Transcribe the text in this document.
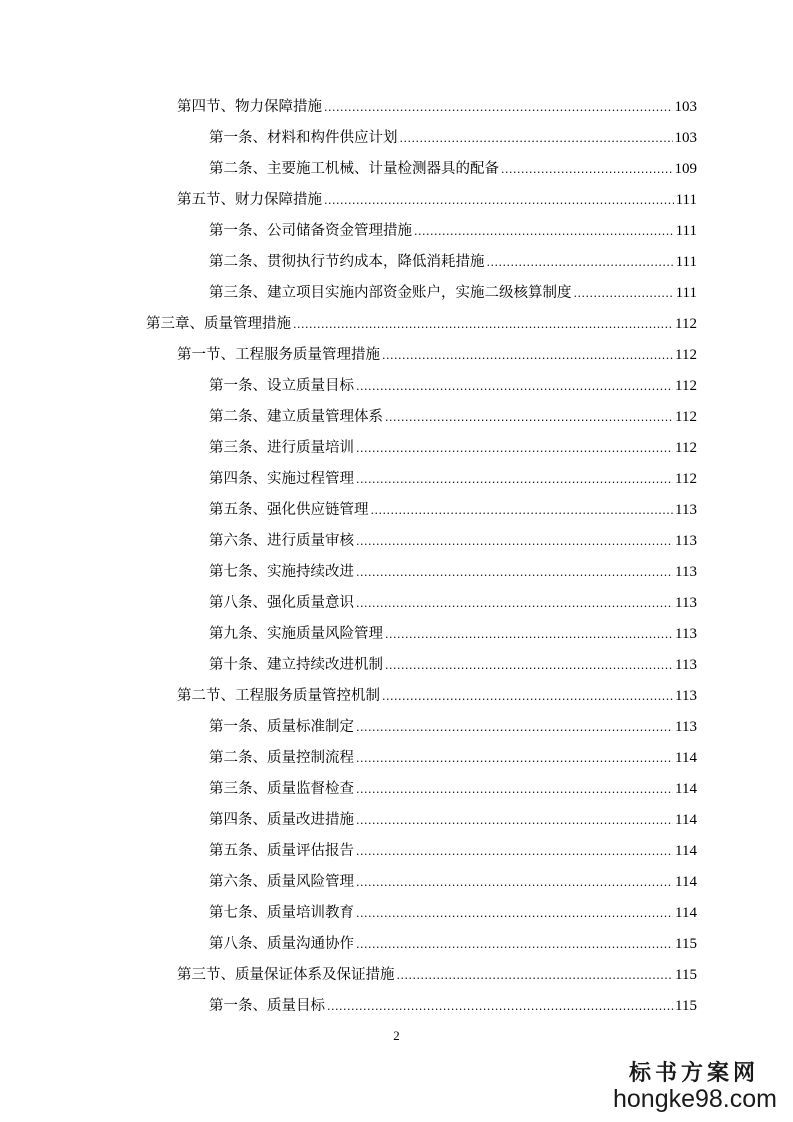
第四节、物力保障措施 .....	103
第一条、材料和构件供应计划 .....	103
第二条、主要施工机械、计量检测器具的配备 .....	109
第五节、财力保障措施 .....	111
第一条、公司储备资金管理措施 .....	111
第二条、贯彻执行节约成本，降低消耗措施 .....	111
第三条、建立项目实施内部资金账户，实施二级核算制度 .....	111
第三章、质量管理措施 .....	112
第一节、工程服务质量管理措施 .....	112
第一条、设立质量目标 .....	112
第二条、建立质量管理体系 .....	112
第三条、进行质量培训 .....	112
第四条、实施过程管理 .....	112
第五条、强化供应链管理 .....	113
第六条、进行质量审核 .....	113
第七条、实施持续改进 .....	113
第八条、强化质量意识 .....	113
第九条、实施质量风险管理 .....	113
第十条、建立持续改进机制 .....	113
第二节、工程服务质量管控机制 .....	113
第一条、质量标准制定 .....	113
第二条、质量控制流程 .....	114
第三条、质量监督检查 .....	114
第四条、质量改进措施 .....	114
第五条、质量评估报告 .....	114
第六条、质量风险管理 .....	114
第七条、质量培训教育 .....	114
第八条、质量沟通协作 .....	115
第三节、质量保证体系及保证措施 .....	115
第一条、质量目标 .....	115
2
标书方案网
hongke98.com
